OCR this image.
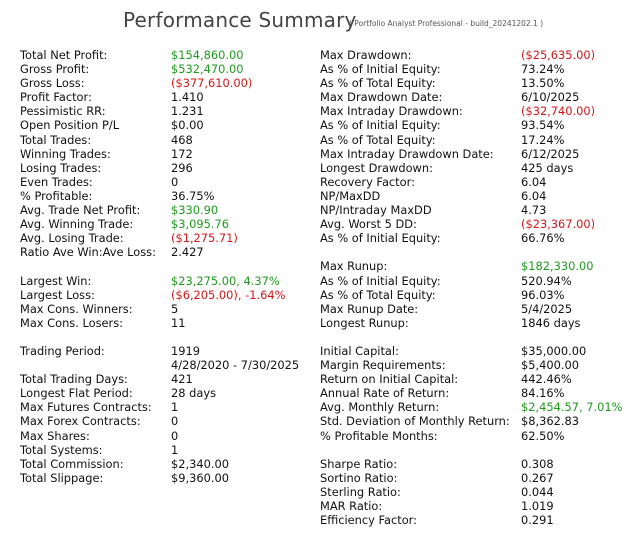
Performance Summary
( Portfolio Analyst Professional - build_20241202.1 )
Total Net Profit:	$154,860.00
Gross Profit:	$532,470.00
Gross Loss:	($377,610.00)
Profit Factor:	1.410
Pessimistic RR:	1.231
Open Position P/L	$0.00
Total Trades:	468
Winning Trades:	172
Losing Trades:	296
Even Trades:	0
% Profitable:	36.75%
Avg. Trade Net Profit:	$330.90
Avg. Winning Trade:	$3,095.76
Avg. Losing Trade:	($1,275.71)
Ratio Ave Win:Ave Loss: 2.427
Largest Win:	$23,275.00, 4.37%
Largest Loss:	($6,205.00), -1.64%
Max Cons. Winners:	5
Max Cons. Losers:	11
Trading Period:	1919
4/28/2020 - 7/30/2025
Total Trading Days:	421
Longest Flat Period:	28 days
Max Futures Contracts: 1
Max Forex Contracts:	0
Max Shares:	0
Total Systems:	1
Total Commission:	$2,340.00
Total Slippage:	$9,360.00
Max Drawdown:	($25,635.00)
As % of Initial Equity:	73.24%
As % of Total Equity:	13.50%
Max Drawdown Date:	6/10/2025
Max Intraday Drawdown:	($32,740.00)
As % of Initial Equity:	93.54%
As % of Total Equity:	17.24%
Max Intraday Drawdown Date: 6/12/2025
Longest Drawdown:	425 days
Recovery Factor:	6.04
NP/MaxDD	6.04
NP/Intraday MaxDD	4.73
Avg. Worst 5 DD:	($23,367.00)
As % of Initial Equity:	66.76%
Max Runup:	$182,330.00
As % of Initial Equity:	520.94%
As % of Total Equity:	96.03%
Max Runup Date:	5/4/2025
Longest Runup:	1846 days
Initial Capital:	$35,000.00
Margin Requirements:	$5,400.00
Return on Initial Capital:	442.46%
Annual Rate of Return:	84.16%
Avg. Monthly Return:	$2,454.57, 7.01%
Std. Deviation of Monthly Return: $8,362.83
% Profitable Months:	62.50%
Sharpe Ratio:	0.308
Sortino Ratio:	0.267
Sterling Ratio:	0.044
MAR Ratio:	1.019
Efficiency Factor:	0.291
